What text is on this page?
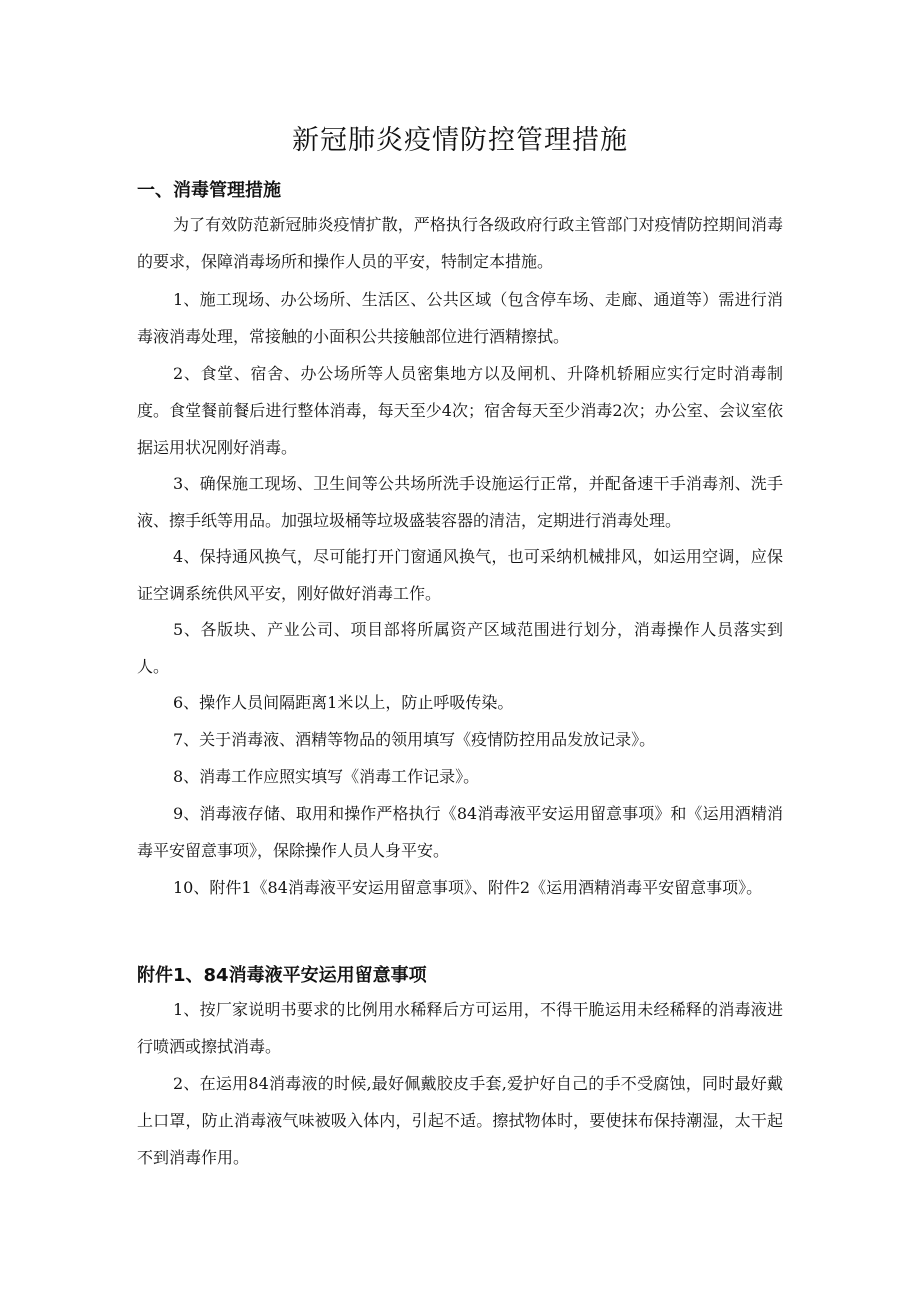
新冠肺炎疫情防控管理措施
一、消毒管理措施
为了有效防范新冠肺炎疫情扩散，严格执行各级政府行政主管部门对疫情防控期间消毒的要求，保障消毒场所和操作人员的平安，特制定本措施。
1、施工现场、办公场所、生活区、公共区域（包含停车场、走廊、通道等）需进行消毒液消毒处理，常接触的小面积公共接触部位进行酒精擦拭。
2、食堂、宿舍、办公场所等人员密集地方以及闸机、升降机轿厢应实行定时消毒制度。食堂餐前餐后进行整体消毒，每天至少4次；宿舍每天至少消毒2次；办公室、会议室依据运用状况刚好消毒。
3、确保施工现场、卫生间等公共场所洗手设施运行正常，并配备速干手消毒剂、洗手液、擦手纸等用品。加强垃圾桶等垃圾盛装容器的清洁，定期进行消毒处理。
4、保持通风换气，尽可能打开门窗通风换气，也可采纳机械排风，如运用空调，应保证空调系统供风平安，刚好做好消毒工作。
5、各版块、产业公司、项目部将所属资产区域范围进行划分，消毒操作人员落实到人。
6、操作人员间隔距离1米以上，防止呼吸传染。
7、关于消毒液、酒精等物品的领用填写《疫情防控用品发放记录》。
8、消毒工作应照实填写《消毒工作记录》。
9、消毒液存储、取用和操作严格执行《84消毒液平安运用留意事项》和《运用酒精消毒平安留意事项》，保除操作人员人身平安。
10、附件1《84消毒液平安运用留意事项》、附件2《运用酒精消毒平安留意事项》。
附件1、84消毒液平安运用留意事项
1、按厂家说明书要求的比例用水稀释后方可运用，不得干脆运用未经稀释的消毒液进行喷洒或擦拭消毒。
2、在运用84消毒液的时候,最好佩戴胶皮手套,爱护好自己的手不受腐蚀，同时最好戴上口罩，防止消毒液气味被吸入体内，引起不适。擦拭物体时，要使抹布保持潮湿，太干起不到消毒作用。
